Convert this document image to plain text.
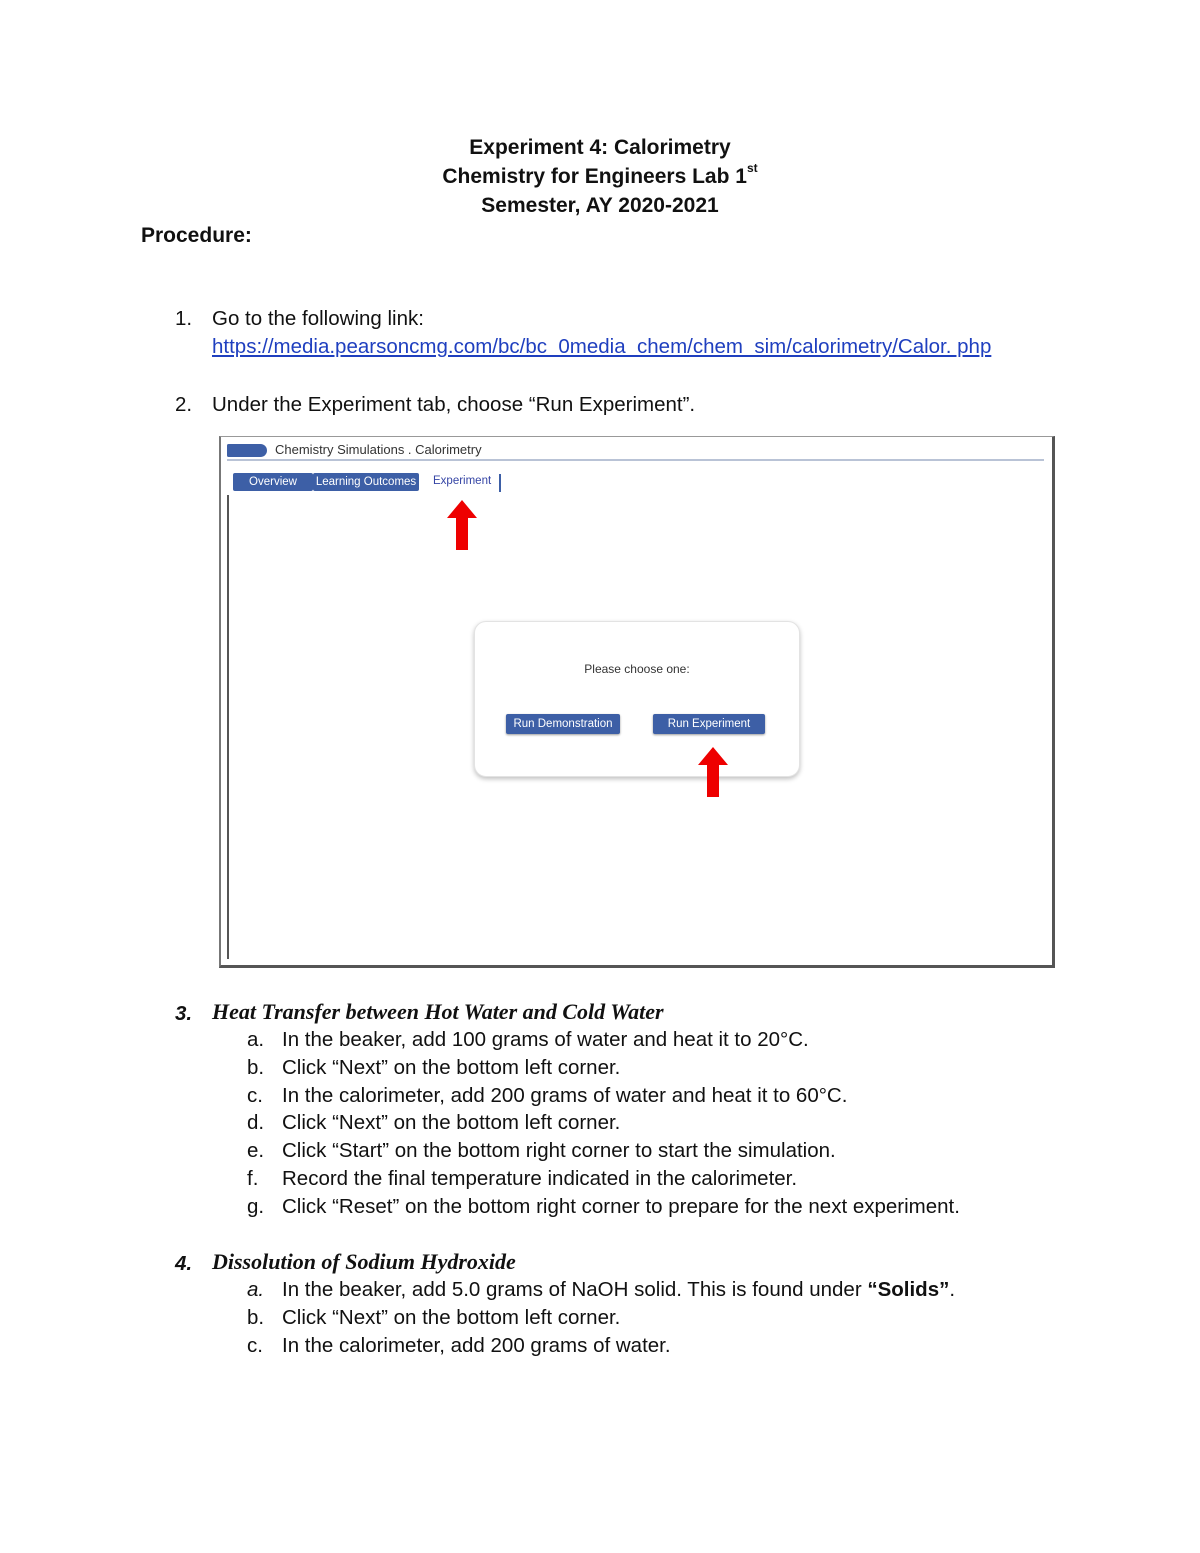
Experiment 4: Calorimetry
Chemistry for Engineers Lab 1st
Semester, AY 2020-2021
Procedure:
1. Go to the following link:
https://media.pearsoncmg.com/bc/bc_0media_chem/chem_sim/calorimetry/Calor. php
2. Under the Experiment tab, choose “Run Experiment”.
Chemistry Simulations . Calorimetry
Overview	Learning Outcomes Experiment
Please choose one:
Run Demonstration	Run Experiment
3. Heat Transfer between Hot Water and Cold Water
a. In the beaker, add 100 grams of water and heat it to 20°C.
b. Click “Next” on the bottom left corner.
c. In the calorimeter, add 200 grams of water and heat it to 60°C.
d. Click “Next” on the bottom left corner.
e. Click “Start” on the bottom right corner to start the simulation.
f. Record the final temperature indicated in the calorimeter.
g. Click “Reset” on the bottom right corner to prepare for the next experiment.
4. Dissolution of Sodium Hydroxide
a. In the beaker, add 5.0 grams of NaOH solid. This is found under “Solids”.
b. Click “Next” on the bottom left corner.
c. In the calorimeter, add 200 grams of water.
